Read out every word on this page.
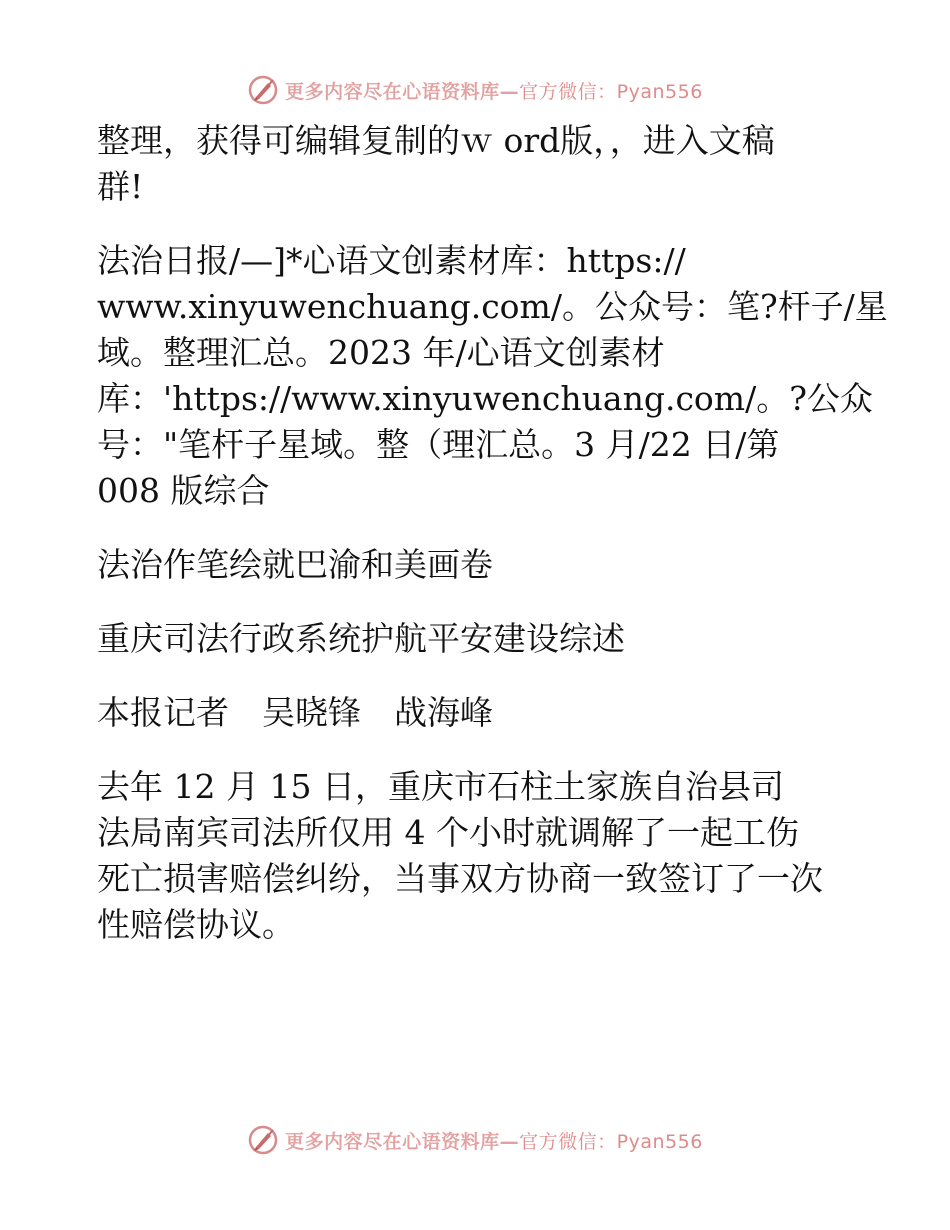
更多内容尽在心语资料库—官方微信：Pyan556
整理，获得可编辑复制的ｗ ord版，，进入文稿
群!
法治日报/—]*心语文创素材库：https://
www.xinyuwenchuang.com/。公众号：笔?杆子/星
域。整理汇总。2023 年/心语文创素材
库：'https://www.xinyuwenchuang.com/。?公众
号："笔杆子星域。整（理汇总。3 月/22 日/第
008 版综合
法治作笔绘就巴渝和美画卷
重庆司法行政系统护航平安建设综述
本报记者　吴晓锋　战海峰
去年 12 月 15 日，重庆市石柱土家族自治县司
法局南宾司法所仅用 4 个小时就调解了一起工伤
死亡损害赔偿纠纷，当事双方协商一致签订了一次
性赔偿协议。
更多内容尽在心语资料库—官方微信：Pyan556
